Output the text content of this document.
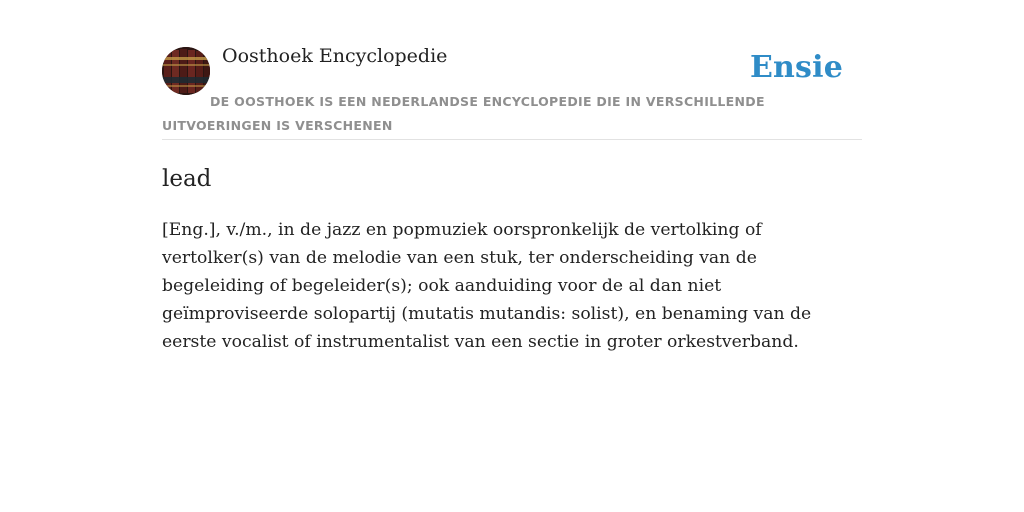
Oosthoek Encyclopedie	Ensie

DE OOSTHOEK IS EEN NEDERLANDSE ENCYCLOPEDIE DIE IN VERSCHILLENDE UITVOERINGEN IS VERSCHENEN

lead

[Eng.], v./m., in de jazz en popmuziek oorspronkelijk de vertolking of vertolker(s) van de melodie van een stuk, ter onderscheiding van de begeleiding of begeleider(s); ook aanduiding voor de al dan niet geïmproviseerde solopartij (mutatis mutandis: solist), en benaming van de eerste vocalist of instrumentalist van een sectie in groter orkestverband.
